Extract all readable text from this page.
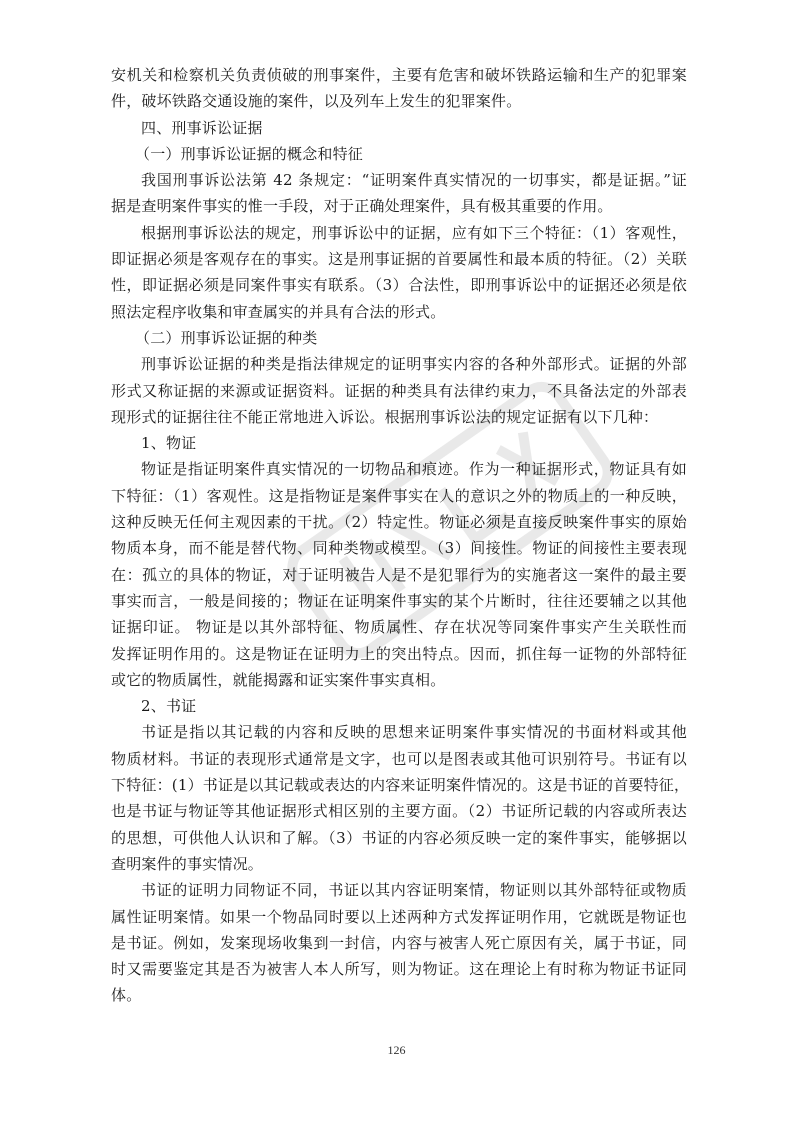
安机关和检察机关负责侦破的刑事案件，主要有危害和破坏铁路运输和生产的犯罪案
件，破坏铁路交通设施的案件，以及列车上发生的犯罪案件。
四、刑事诉讼证据
（一）刑事诉讼证据的概念和特征
我国刑事诉讼法第 42 条规定：“证明案件真实情况的一切事实，都是证据。”证
据是查明案件事实的惟一手段，对于正确处理案件，具有极其重要的作用。
根据刑事诉讼法的规定，刑事诉讼中的证据，应有如下三个特征：（1）客观性，
即证据必须是客观存在的事实。这是刑事证据的首要属性和最本质的特征。（2）关联
性，即证据必须是同案件事实有联系。（3）合法性，即刑事诉讼中的证据还必须是依
照法定程序收集和审查属实的并具有合法的形式。
（二）刑事诉讼证据的种类
刑事诉讼证据的种类是指法律规定的证明事实内容的各种外部形式。证据的外部
形式又称证据的来源或证据资料。证据的种类具有法律约束力，不具备法定的外部表
现形式的证据往往不能正常地进入诉讼。根据刑事诉讼法的规定证据有以下几种：
1、物证
物证是指证明案件真实情况的一切物品和痕迹。作为一种证据形式，物证具有如
下特征：（1）客观性。这是指物证是案件事实在人的意识之外的物质上的一种反映，
这种反映无任何主观因素的干扰。（2）特定性。物证必须是直接反映案件事实的原始
物质本身，而不能是替代物、同种类物或模型。（3）间接性。物证的间接性主要表现
在：孤立的具体的物证，对于证明被告人是不是犯罪行为的实施者这一案件的最主要
事实而言，一般是间接的；物证在证明案件事实的某个片断时，往往还要辅之以其他
证据印证。 物证是以其外部特征、物质属性、存在状况等同案件事实产生关联性而
发挥证明作用的。这是物证在证明力上的突出特点。因而，抓住每一证物的外部特征
或它的物质属性，就能揭露和证实案件事实真相。
2、书证
书证是指以其记载的内容和反映的思想来证明案件事实情况的书面材料或其他
物质材料。书证的表现形式通常是文字，也可以是图表或其他可识别符号。书证有以
下特征：(1）书证是以其记载或表达的内容来证明案件情况的。这是书证的首要特征，
也是书证与物证等其他证据形式相区别的主要方面。（2）书证所记载的内容或所表达
的思想，可供他人认识和了解。（3）书证的内容必须反映一定的案件事实，能够据以
查明案件的事实情况。
书证的证明力同物证不同，书证以其内容证明案情，物证则以其外部特征或物质
属性证明案情。如果一个物品同时要以上述两种方式发挥证明作用，它就既是物证也
是书证。例如，发案现场收集到一封信，内容与被害人死亡原因有关，属于书证，同
时又需要鉴定其是否为被害人本人所写，则为物证。这在理论上有时称为物证书证同
体。
126
